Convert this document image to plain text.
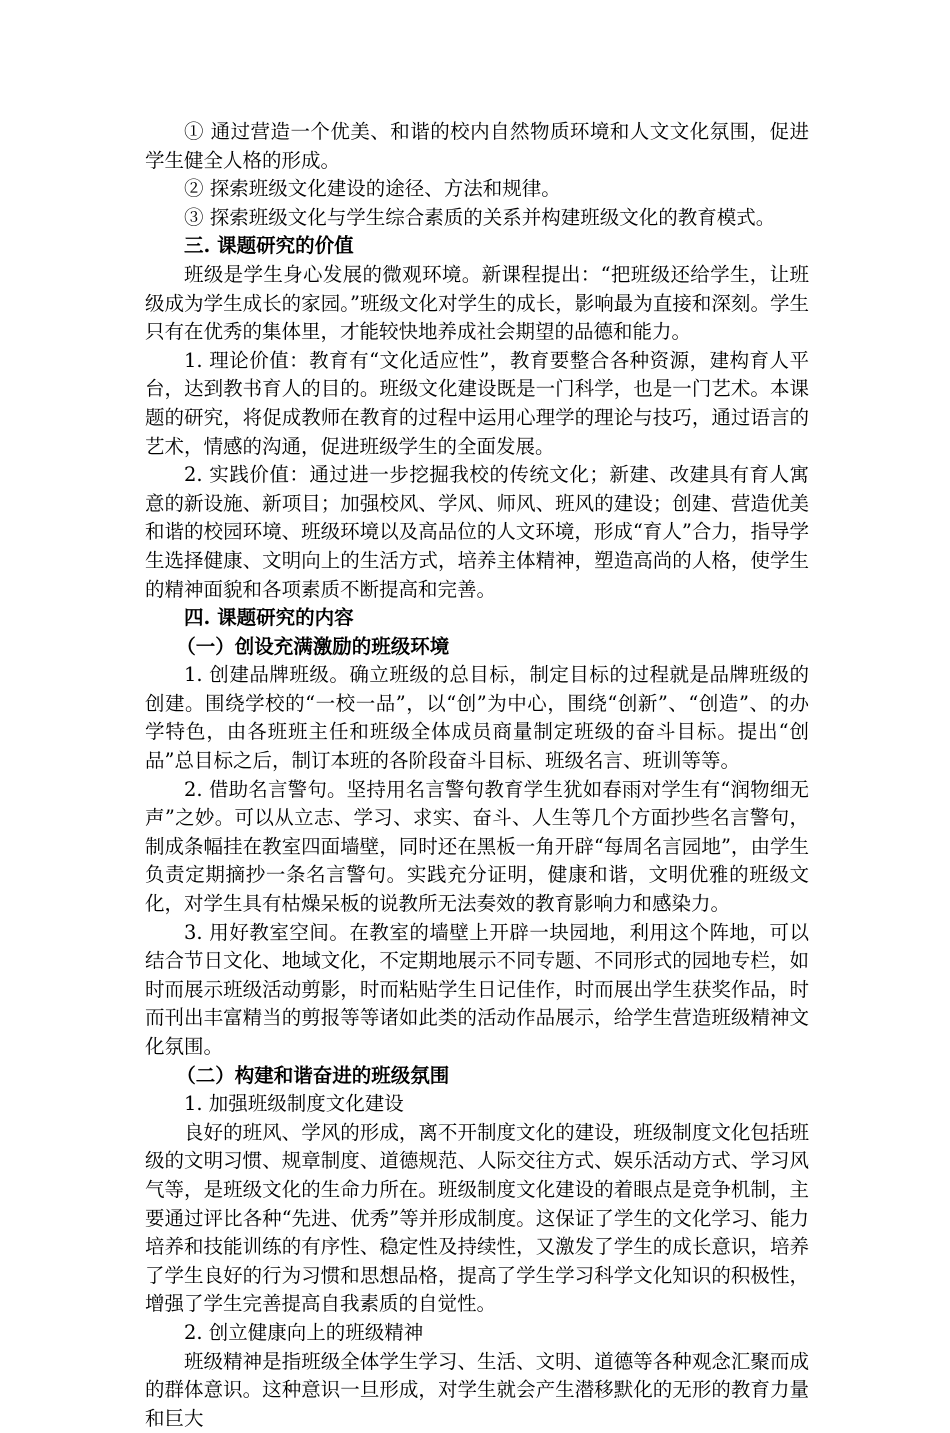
① 通过营造一个优美、和谐的校内自然物质环境和人文文化氛围，促进学生健全人格的形成。

② 探索班级文化建设的途径、方法和规律。

③ 探索班级文化与学生综合素质的关系并构建班级文化的教育模式。

三. 课题研究的价值

班级是学生身心发展的微观环境。新课程提出：“把班级还给学生，让班级成为学生成长的家园。”班级文化对学生的成长，影响最为直接和深刻。学生只有在优秀的集体里，才能较快地养成社会期望的品德和能力。

1. 理论价值：教育有“文化适应性”，教育要整合各种资源，建构育人平台，达到教书育人的目的。班级文化建设既是一门科学，也是一门艺术。本课题的研究，将促成教师在教育的过程中运用心理学的理论与技巧，通过语言的艺术，情感的沟通，促进班级学生的全面发展。

2. 实践价值：通过进一步挖掘我校的传统文化；新建、改建具有育人寓意的新设施、新项目；加强校风、学风、师风、班风的建设；创建、营造优美和谐的校园环境、班级环境以及高品位的人文环境，形成“育人”合力，指导学生选择健康、文明向上的生活方式，培养主体精神，塑造高尚的人格，使学生的精神面貌和各项素质不断提高和完善。

四. 课题研究的内容
（一）创设充满激励的班级环境

1. 创建品牌班级。确立班级的总目标，制定目标的过程就是品牌班级的创建。围绕学校的“一校一品”，以“创”为中心，围绕“创新”、“创造”、的办学特色，由各班班主任和班级全体成员商量制定班级的奋斗目标。提出“创品”总目标之后，制订本班的各阶段奋斗目标、班级名言、班训等等。

2. 借助名言警句。坚持用名言警句教育学生犹如春雨对学生有“润物细无声”之妙。可以从立志、学习、求实、奋斗、人生等几个方面抄些名言警句，制成条幅挂在教室四面墙壁，同时还在黑板一角开辟“每周名言园地”，由学生负责定期摘抄一条名言警句。实践充分证明，健康和谐，文明优雅的班级文化，对学生具有枯燥呆板的说教所无法奏效的教育影响力和感染力。

3. 用好教室空间。在教室的墙壁上开辟一块园地，利用这个阵地，可以结合节日文化、地域文化，不定期地展示不同专题、不同形式的园地专栏，如时而展示班级活动剪影，时而粘贴学生日记佳作，时而展出学生获奖作品，时而刊出丰富精当的剪报等等诸如此类的活动作品展示，给学生营造班级精神文化氛围。

（二）构建和谐奋进的班级氛围

1. 加强班级制度文化建设

良好的班风、学风的形成，离不开制度文化的建设，班级制度文化包括班级的文明习惯、规章制度、道德规范、人际交往方式、娱乐活动方式、学习风气等，是班级文化的生命力所在。班级制度文化建设的着眼点是竞争机制，主要通过评比各种“先进、优秀”等并形成制度。这保证了学生的文化学习、能力培养和技能训练的有序性、稳定性及持续性，又激发了学生的成长意识，培养了学生良好的行为习惯和思想品格，提高了学生学习科学文化知识的积极性，增强了学生完善提高自我素质的自觉性。

2. 创立健康向上的班级精神

班级精神是指班级全体学生学习、生活、文明、道德等各种观念汇聚而成的群体意识。这种意识一旦形成，对学生就会产生潜移默化的无形的教育力量和巨大
